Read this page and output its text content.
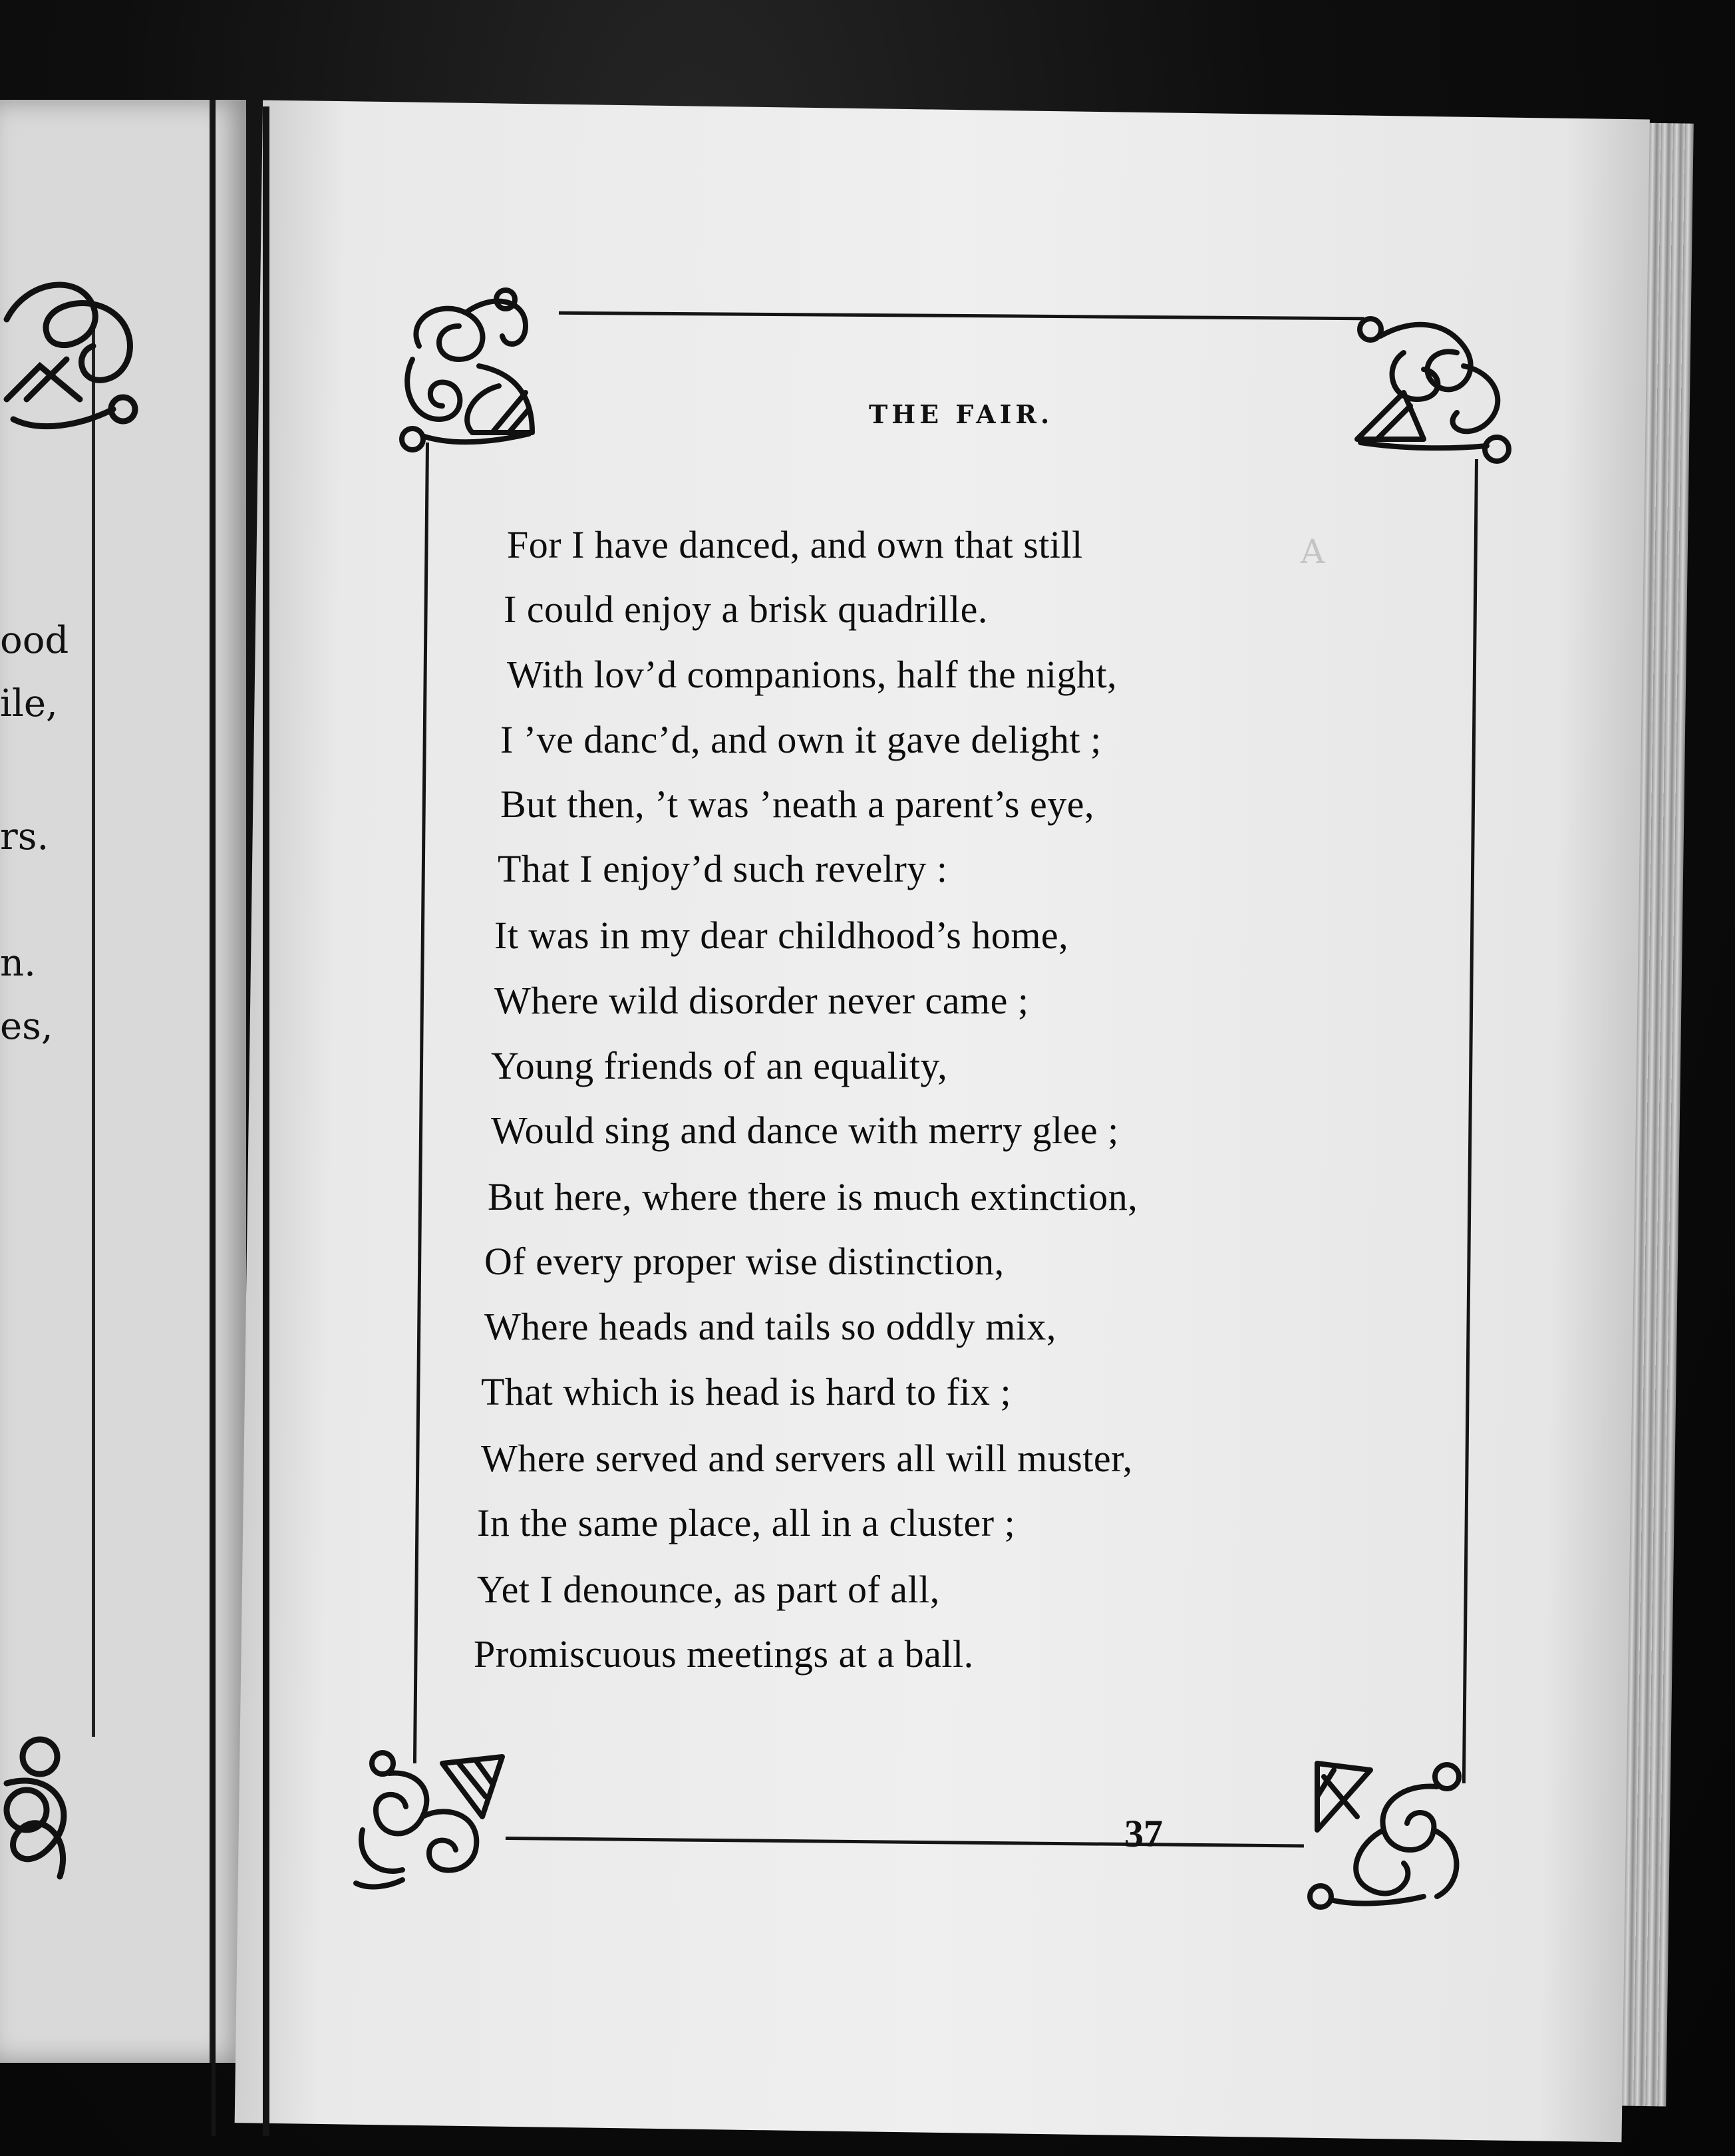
ood
ile,
rs.
n.
es,
A
THE FAIR.
For I have danced, and own that still
I could enjoy a brisk quadrille.
With lov’d companions, half the night,
I ’ve danc’d, and own it gave delight ;
But then, ’t was ’neath a parent’s eye,
That I enjoy’d such revelry :
It was in my dear childhood’s home,
Where wild disorder never came ;
Young friends of an equality,
Would sing and dance with merry glee ;
But here, where there is much extinction,
Of every proper wise distinction,
Where heads and tails so oddly mix,
That which is head is hard to fix ;
Where served and servers all will muster,
In the same place, all in a cluster ;
Yet I denounce, as part of all,
Promiscuous meetings at a ball.
37
